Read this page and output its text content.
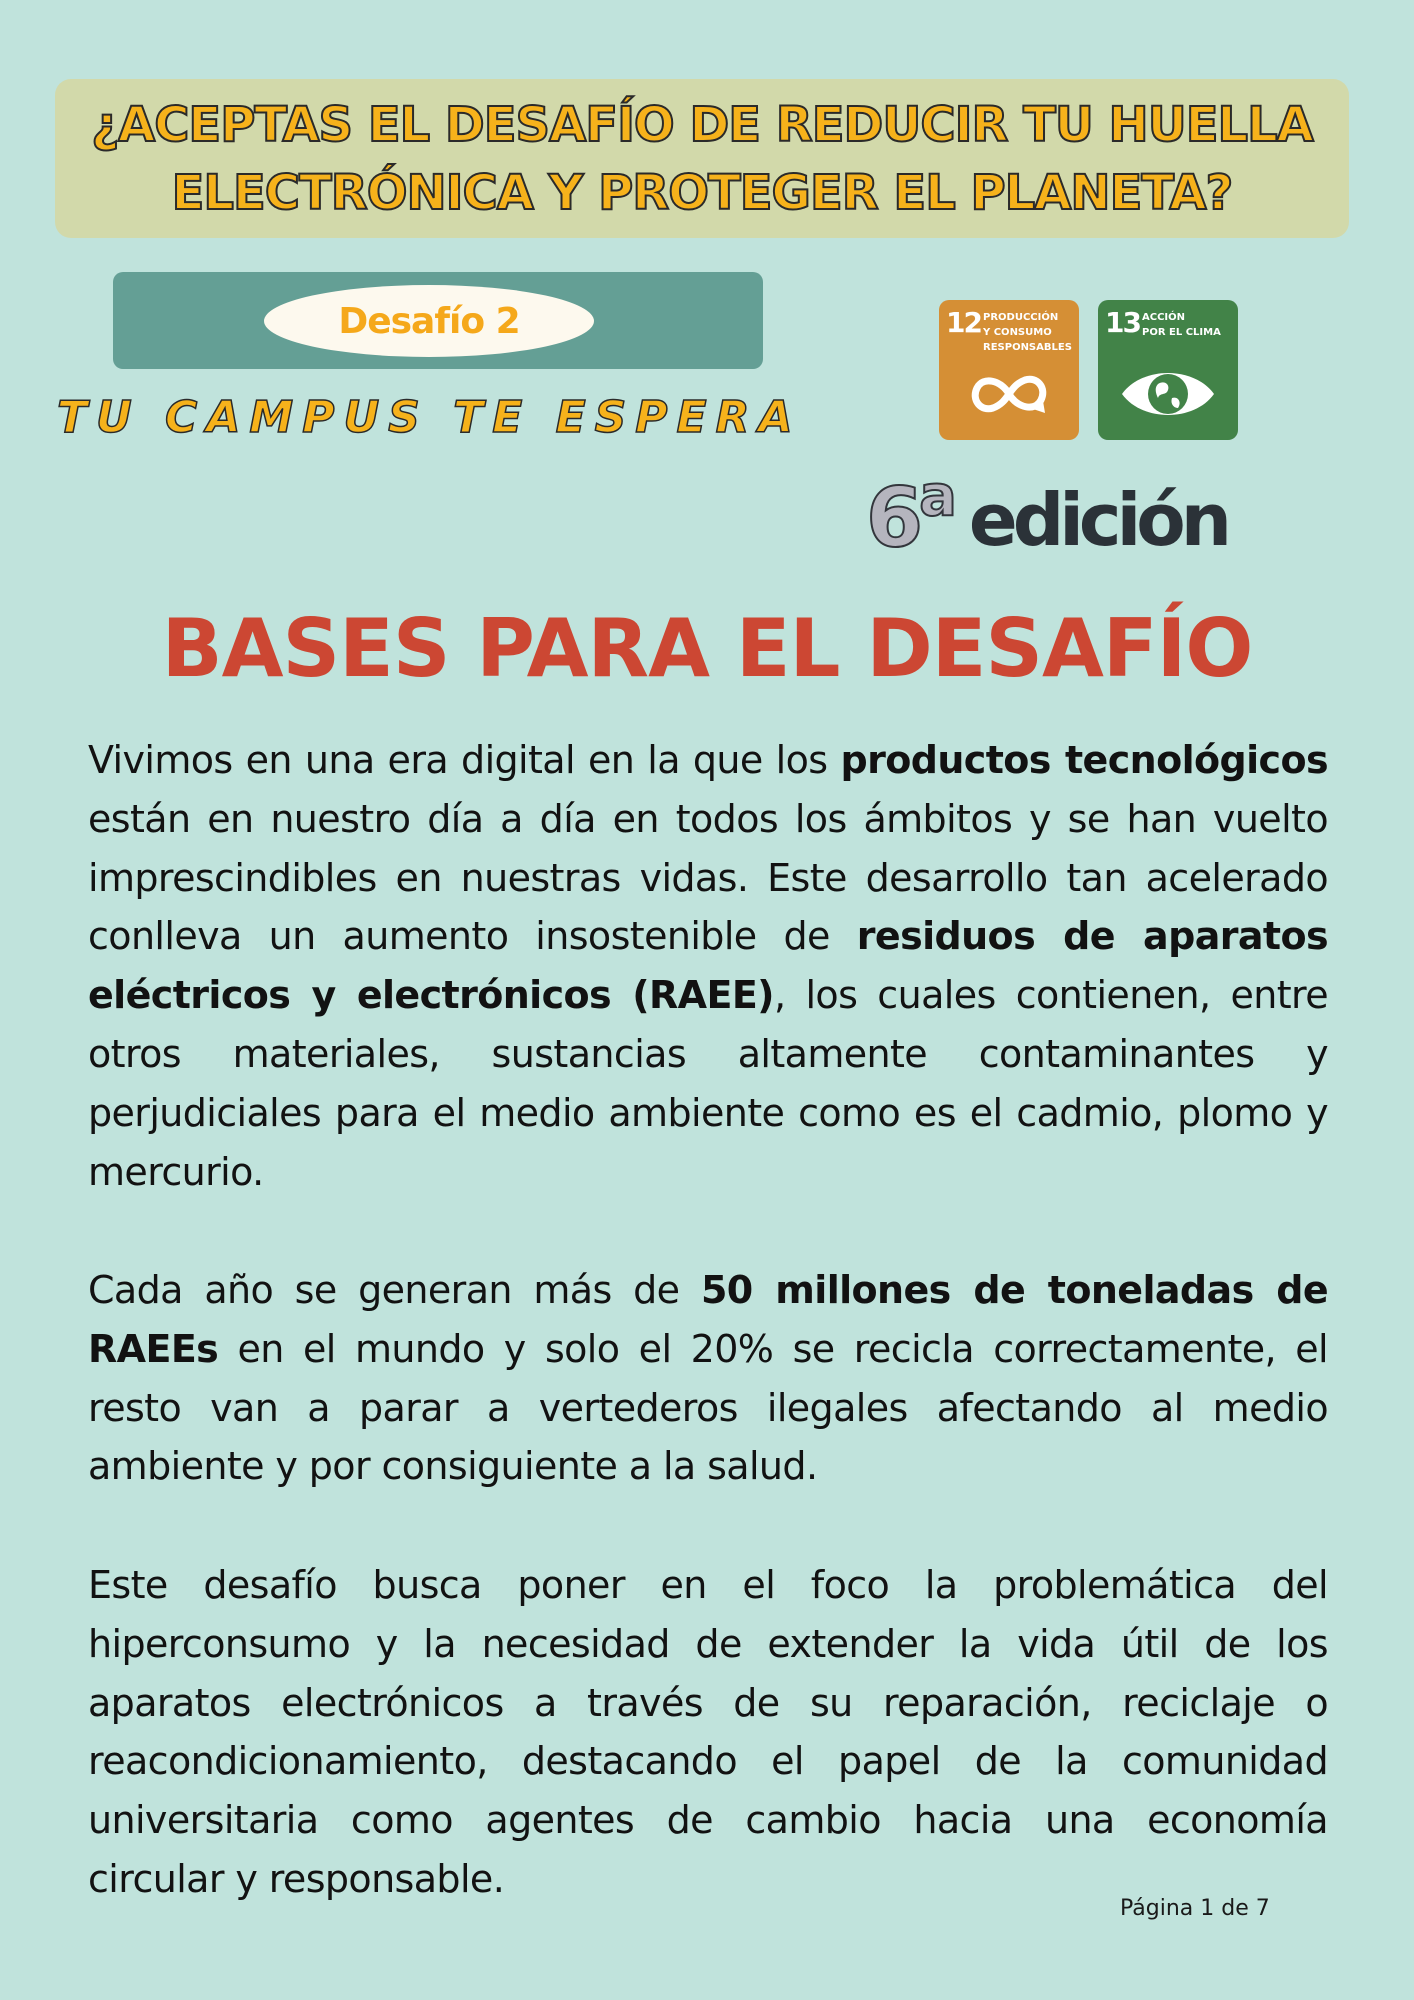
¿ACEPTAS EL DESAFÍO DE REDUCIR TU HUELLA ELECTRÓNICA Y PROTEGER EL PLANETA?
Desafío 2
TU CAMPUS TE ESPERA
12 PRODUCCIÓN
Y CONSUMO
RESPONSABLES
13 ACCIÓN
POR EL CLIMA
6 a edición
BASES PARA EL DESAFÍO

Vivimos en una era digital en la que los productos tecnológicos están en nuestro día a día en todos los ámbitos y se han vuelto imprescindibles en nuestras vidas. Este desarrollo tan acelerado conlleva un aumento insostenible de residuos de aparatos eléctricos y electrónicos (RAEE), los cuales contienen, entre otros materiales, sustancias altamente contaminantes y perjudiciales para el medio ambiente como es el cadmio, plomo y mercurio.

Cada año se generan más de 50 millones de toneladas de RAEEs en el mundo y solo el 20% se recicla correctamente, el resto van a parar a vertederos ilegales afectando al medio ambiente y por consiguiente a la salud.

Este desafío busca poner en el foco la problemática del hiperconsumo y la necesidad de extender la vida útil de los aparatos electrónicos a través de su reparación, reciclaje o reacondicionamiento, destacando el papel de la comunidad universitaria como agentes de cambio hacia una economía circular y responsable.

Página 1 de 7
